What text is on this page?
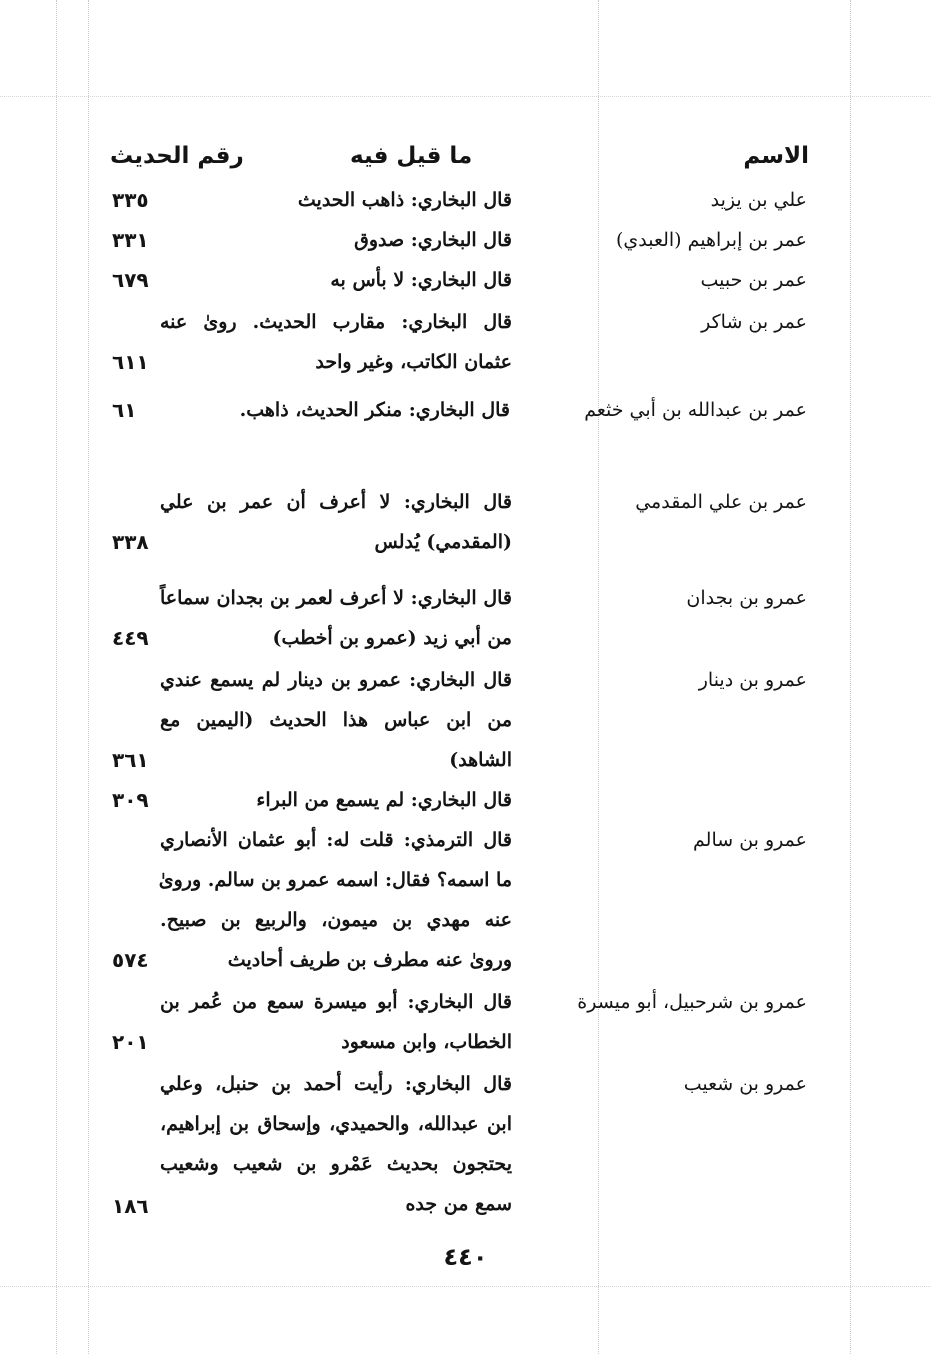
الاسم
ما قيل فيه
رقم الحديث
علي بن يزيد
قال البخاري: ذاهب الحديث
٣٣٥
عمر بن إبراهيم (العبدي)
قال البخاري: صدوق
٣٣١
عمر بن حبيب
قال البخاري: لا بأس به
٦٧٩
عمر بن شاكر
قال البخاري: مقارب الحديث. روىٰ عنه
عثمان الكاتب، وغير واحد
٦١١
عمر بن عبدالله بن أبي خثعم
قال البخاري: منكر الحديث، ذاهب.
٦١
عمر بن علي المقدمي
قال البخاري: لا أعرف أن عمر بن علي
(المقدمي) يُدلس
٣٣٨
عمرو بن بجدان
قال البخاري: لا أعرف لعمر بن بجدان سماعاً
من أبي زيد (عمرو بن أخطب)
٤٤٩
عمرو بن دينار
قال البخاري: عمرو بن دينار لم يسمع عندي
من ابن عباس هذا الحديث (اليمين مع
الشاهد)
٣٦١
قال البخاري: لم يسمع من البراء
٣٠٩
عمرو بن سالم
قال الترمذي: قلت له: أبو عثمان الأنصاري
ما اسمه؟ فقال: اسمه عمرو بن سالم. وروىٰ
عنه مهدي بن ميمون، والربيع بن صبيح.
وروىٰ عنه مطرف بن طريف أحاديث
٥٧٤
عمرو بن شرحبيل، أبو ميسرة
قال البخاري: أبو ميسرة سمع من عُمر بن
الخطاب، وابن مسعود
٢٠١
عمرو بن شعيب
قال البخاري: رأيت أحمد بن حنبل، وعلي
ابن عبدالله، والحميدي، وإسحاق بن إبراهيم،
يحتجون بحديث عَمْرو بن شعيب وشعيب
سمع من جده
١٨٦
٤٤٠
